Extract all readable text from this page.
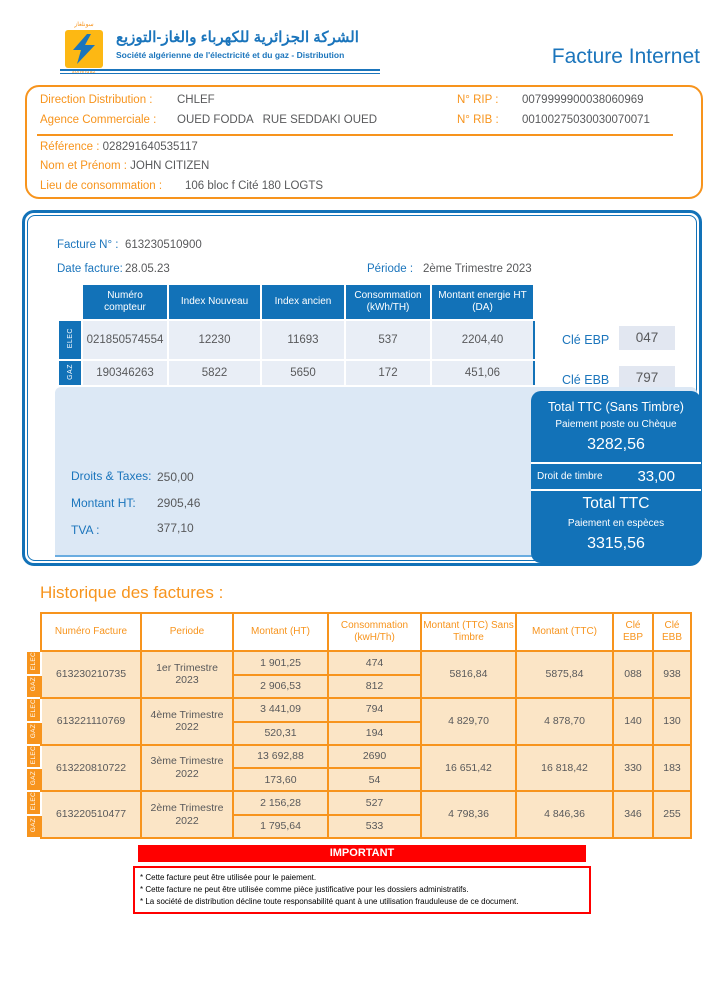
سونلغاز
sonelgaz
الشركة الجزائرية للكهرباء والغاز-التوزيع
Société algérienne de l'électricité et du gaz - Distribution	Facture Internet
Direction Distribution : CHLEF	N° RIP : 0079999900038060969
Agence Commerciale : OUED FODDA   RUE SEDDAKI OUED	N° RIB : 00100275030030070071
Référence : 028291640535117
Nom et Prénom : JOHN CITIZEN
Lieu de consommation : 106 bloc f Cité 180 LOGTS
Facture N° : 613230510900
Date facture: 28.05.23	Période : 2ème Trimestre 2023
	Numéro compteur	Index Nouveau	Index ancien	Consommation (kWh/TH)	Montant energie HT (DA)
ELEC	021850574554	12230	11693	537	2204,40
GAZ	190346263	5822	5650	172	451,06
Clé EBP	047
Clé EBB	797
Droits & Taxes: 250,00
Montant HT: 2905,46
TVA :	377,10
Total TTC (Sans Timbre)
Paiement poste ou Chèque
3282,56
Droit de timbre 33,00
Total TTC
Paiement en espèces
3315,56
Historique des factures :
	Numéro Facture	Periode	Montant (HT)	Consommation (kwH/Th)	Montant (TTC) Sans Timbre	Montant (TTC)	Clé EBP	Clé EBB
ELEC	613230210735	1er Trimestre 2023	1 901,25	474	5816,84	5875,84	088	938
GAZ			2 906,53	812				
ELEC	613221110769	4ème Trimestre 2022	3 441,09	794	4 829,70	4 878,70	140	130
GAZ			520,31	194				
ELEC	613220810722	3ème Trimestre 2022	13 692,88	2690	16 651,42	16 818,42	330	183
GAZ			173,60	54				
ELEC	613220510477	2ème Trimestre 2022	2 156,28	527	4 798,36	4 846,36	346	255
GAZ			1 795,64	533				
IMPORTANT

* Cette facture peut être utilisée pour le paiement.

* Cette facture ne peut être utilisée comme pièce justificative pour les dossiers administratifs.

* La société de distribution décline toute responsabilité quant à une utilisation frauduleuse de ce document.
